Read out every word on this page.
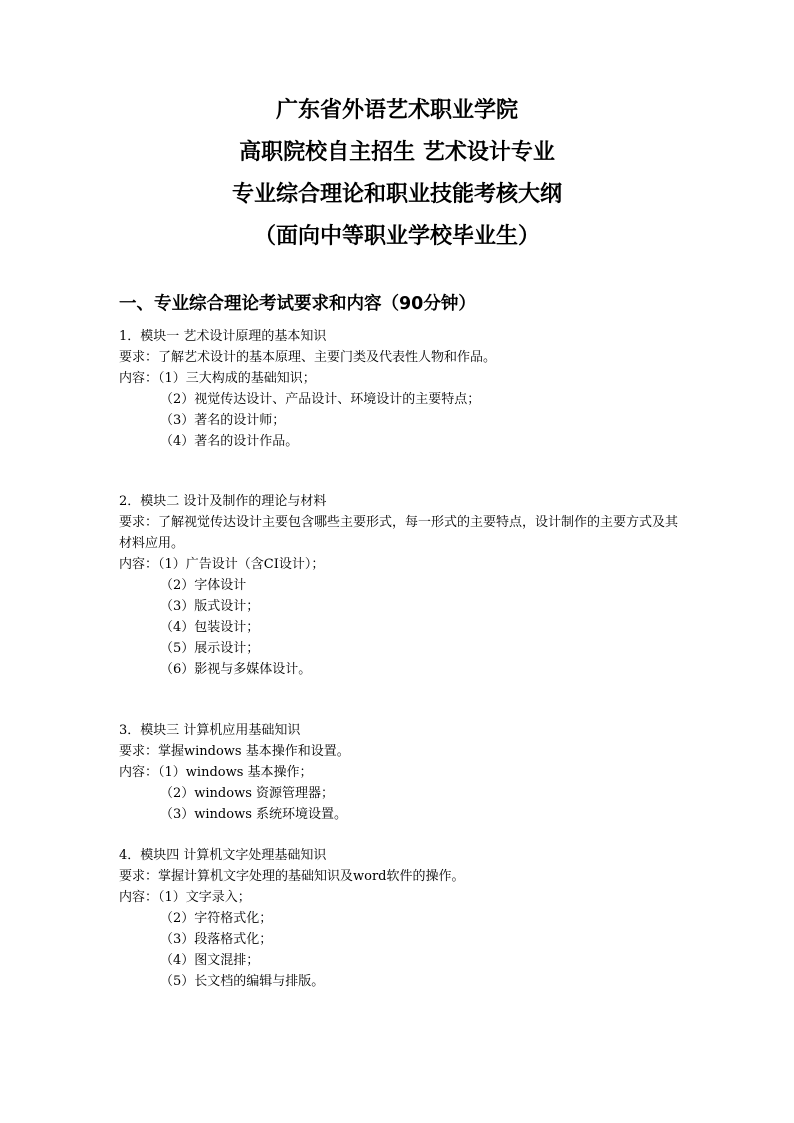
广东省外语艺术职业学院
高职院校自主招生 艺术设计专业
专业综合理论和职业技能考核大纲
（面向中等职业学校毕业生）
一、专业综合理论考试要求和内容（90分钟）
1．模块一 艺术设计原理的基本知识
要求：了解艺术设计的基本原理、主要门类及代表性人物和作品。
内容：（1）三大构成的基础知识；
（2）视觉传达设计、产品设计、环境设计的主要特点；
（3）著名的设计师；
（4）著名的设计作品。
2．模块二 设计及制作的理论与材料
要求：了解视觉传达设计主要包含哪些主要形式，每一形式的主要特点，设计制作的主要方式及其材料应用。
内容：（1）广告设计（含CI设计）；
（2）字体设计
（3）版式设计；
（4）包装设计；
（5）展示设计；
（6）影视与多媒体设计。
3．模块三 计算机应用基础知识
要求：掌握windows 基本操作和设置。
内容：（1）windows 基本操作；
（2）windows 资源管理器；
（3）windows 系统环境设置。
4．模块四 计算机文字处理基础知识
要求：掌握计算机文字处理的基础知识及word软件的操作。
内容：（1）文字录入；
（2）字符格式化；
（3）段落格式化；
（4）图文混排；
（5）长文档的编辑与排版。
